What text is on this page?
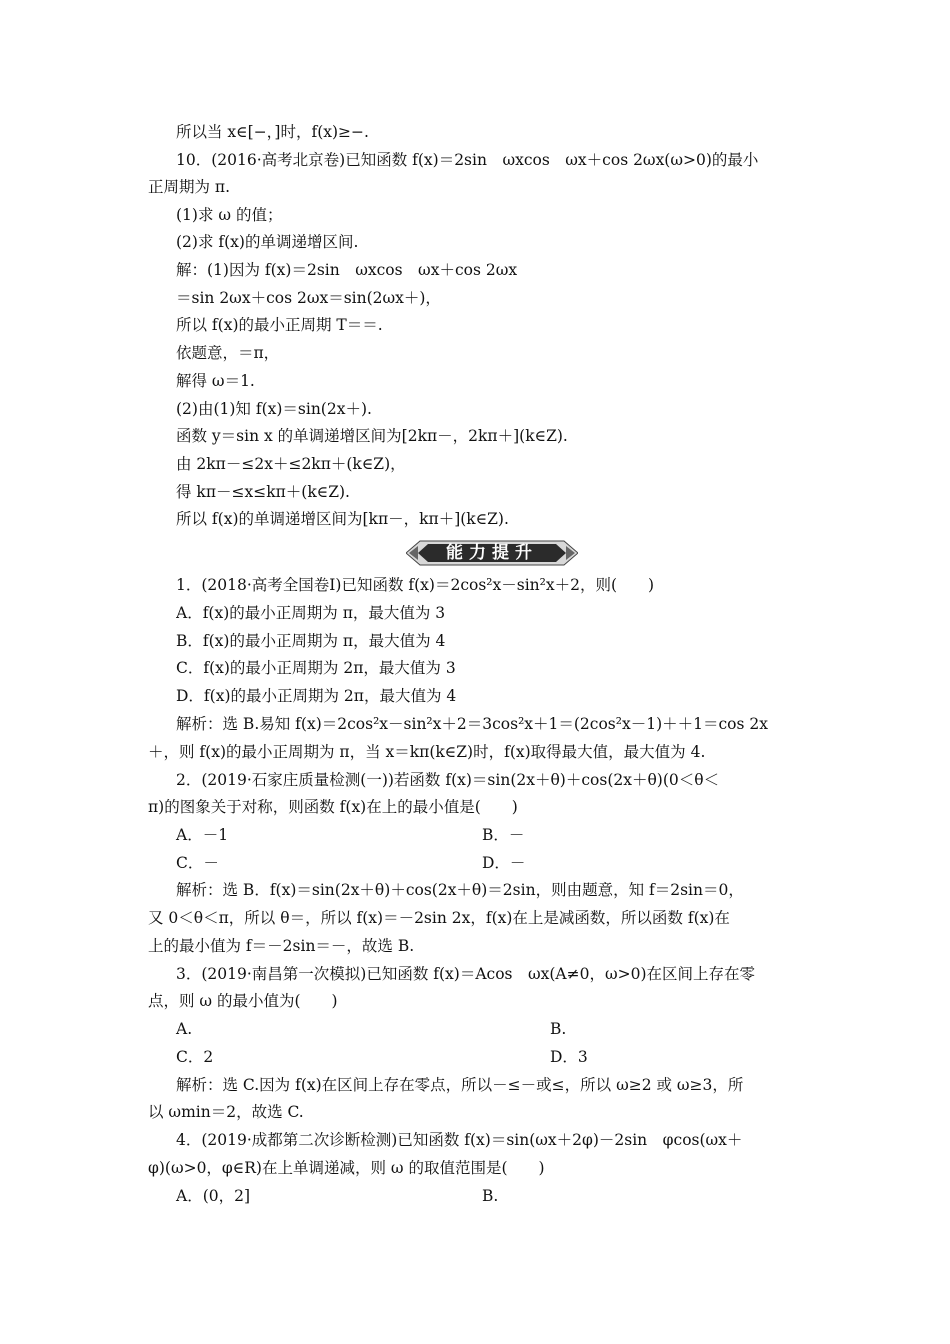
所以当 x∈[−，]时，f(x)≥−.
10．(2016·高考北京卷)已知函数 f(x)＝2sin　ωxcos　ωx＋cos 2ωx(ω>0)的最小
正周期为 π.
(1)求 ω 的值；
(2)求 f(x)的单调递增区间.
解：(1)因为 f(x)＝2sin　ωxcos　ωx＋cos 2ωx
＝sin 2ωx＋cos 2ωx＝sin(2ωx＋)，
所以 f(x)的最小正周期 T＝＝.
依题意，＝π，
解得 ω＝1.
(2)由(1)知 f(x)＝sin(2x＋).
函数 y＝sin x 的单调递增区间为[2kπ－，2kπ＋](k∈Z).
由 2kπ－≤2x＋≤2kπ＋(k∈Z)，
得 kπ－≤x≤kπ＋(k∈Z).
所以 f(x)的单调递增区间为[kπ－，kπ＋](k∈Z).
能力提升
1．(2018·高考全国卷Ⅰ)已知函数 f(x)＝2cos²x－sin²x＋2，则(　　)
A．f(x)的最小正周期为 π，最大值为 3
B．f(x)的最小正周期为 π，最大值为 4
C．f(x)的最小正周期为 2π，最大值为 3
D．f(x)的最小正周期为 2π，最大值为 4
解析：选 B.易知 f(x)＝2cos²x－sin²x＋2＝3cos²x＋1＝(2cos²x－1)＋＋1＝cos 2x
＋，则 f(x)的最小正周期为 π，当 x＝kπ(k∈Z)时，f(x)取得最大值，最大值为 4.
2．(2019·石家庄质量检测(一))若函数 f(x)＝sin(2x＋θ)＋cos(2x＋θ)(0＜θ＜
π)的图象关于对称，则函数 f(x)在上的最小值是(　　)
A．－1	B．－
C．－	D．－
解析：选 B．f(x)＝sin(2x＋θ)＋cos(2x＋θ)＝2sin，则由题意，知 f＝2sin＝0，
又 0＜θ＜π，所以 θ＝，所以 f(x)＝－2sin 2x，f(x)在上是减函数，所以函数 f(x)在
上的最小值为 f＝－2sin＝－，故选 B.
3．(2019·南昌第一次模拟)已知函数 f(x)＝Acos　ωx(A≠0，ω>0)在区间上存在零
点，则 ω 的最小值为(　　)
A.	B.
C．2	D．3
解析：选 C.因为 f(x)在区间上存在零点，所以－≤－或≤，所以 ω≥2 或 ω≥3，所
以 ωmin＝2，故选 C.
4．(2019·成都第二次诊断检测)已知函数 f(x)＝sin(ωx＋2φ)－2sin　φcos(ωx＋
φ)(ω>0，φ∈R)在上单调递减，则 ω 的取值范围是(　　)
A．(0，2]	B.
